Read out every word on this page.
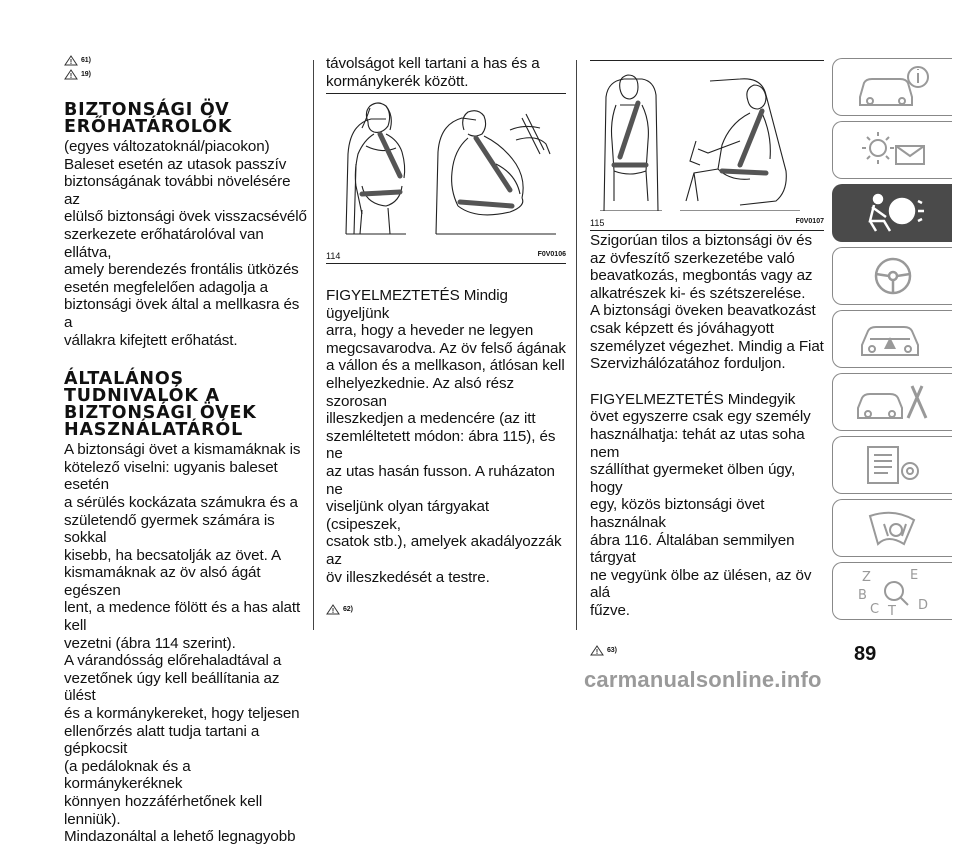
61)
19)

BIZTONSÁGI ÖV

ERŐHATÁROLÓK

(egyes változatoknál/piacokon)

Baleset esetén az utasok passzív

biztonságának további növelésére az

elülső biztonsági övek visszacsévélő

szerkezete erőhatárolóval van ellátva,

amely berendezés frontális ütközés

esetén megfelelően adagolja a

biztonsági övek által a mellkasra és a

vállakra kifejtett erőhatást.

ÁLTALÁNOS

TUDNIVALÓK A

BIZTONSÁGI ÖVEK

HASZNÁLATÁRÓL

A biztonsági övet a kismamáknak is

kötelező viselni: ugyanis baleset esetén

a sérülés kockázata számukra és a

születendő gyermek számára is sokkal

kisebb, ha becsatolják az övet. A

kismamáknak az öv alsó ágát egészen

lent, a medence fölött és a has alatt kell

vezetni (ábra 114 szerint).

A várandósság előrehaladtával a

vezetőnek úgy kell beállítania az ülést

és a kormánykereket, hogy teljesen

ellenőrzés alatt tudja tartani a gépkocsit

(a pedáloknak és a kormánykeréknek

könnyen hozzáférhetőnek kell lenniük).

Mindazonáltal a lehető legnagyobb

távolságot kell tartani a has és a

kormánykerék között.

114	F0V0106

FIGYELMEZTETÉS Mindig ügyeljünk

arra, hogy a heveder ne legyen

megcsavarodva. Az öv felső ágának

a vállon és a mellkason, átlósan kell

elhelyezkednie. Az alsó rész szorosan

illeszkedjen a medencére (az itt

szemléltetett módon: ábra 115), és ne

az utas hasán fusson. A ruházaton ne

viseljünk olyan tárgyakat (csipeszek,

csatok stb.), amelyek akadályozzák az

öv illeszkedését a testre.

62)
115	F0V0107

Szigorúan tilos a biztonsági öv és

az övfeszítő szerkezetébe való

beavatkozás, megbontás vagy az

alkatrészek ki- és szétszerelése.

A biztonsági öveken beavatkozást

csak képzett és jóváhagyott

személyzet végezhet. Mindig a Fiat

Szervizhálózatához forduljon.

FIGYELMEZTETÉS Mindegyik

övet egyszerre csak egy személy

használhatja: tehát az utas soha nem

szállíthat gyermeket ölben úgy, hogy

egy, közös biztonsági övet használnak

ábra 116. Általában semmilyen tárgyat

ne vegyünk ölbe az ülésen, az öv alá

fűzve.

63)
Z	E
B
C T D
89
carmanualsonline.info
